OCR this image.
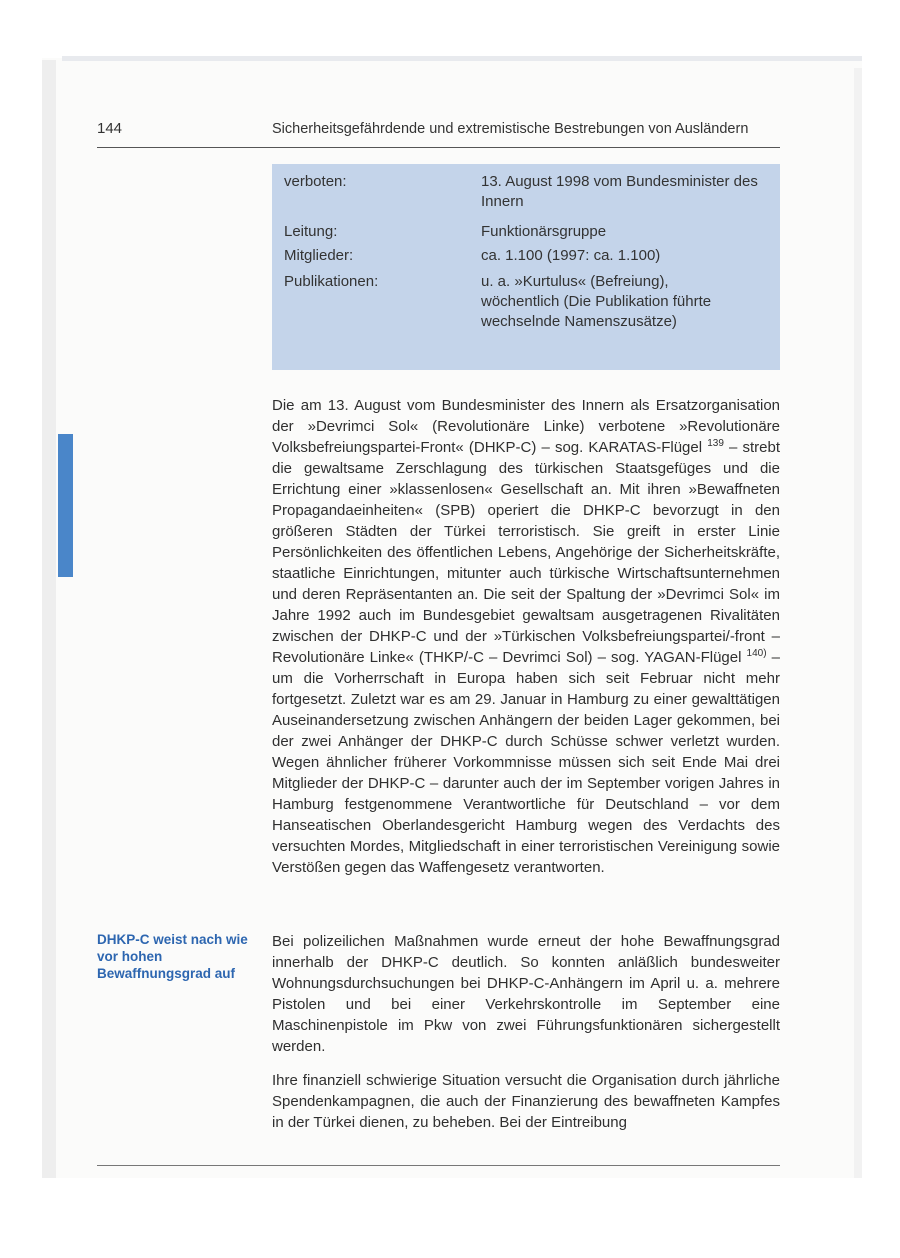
144	Sicherheitsgefährdende und extremistische Bestrebungen von Ausländern
verboten:	13. August 1998 vom Bundesminister des Innern
Leitung:	Funktionärsgruppe
Mitglieder:	ca. 1.100 (1997: ca. 1.100)
Publikationen:	u. a. »Kurtulus« (Befreiung), wöchentlich (Die Publikation führte wechselnde Namenszusätze)

Die am 13. August vom Bundesminister des Innern als Ersatzorganisation der »Devrimci Sol« (Revolutionäre Linke) verbotene »Revolutionäre Volksbefreiungspartei-Front« (DHKP-C) – sog. KARATAS-Flügel $^{139}$ – strebt die gewaltsame Zerschlagung des türkischen Staatsgefüges und die Errichtung einer »klassenlosen« Gesellschaft an. Mit ihren »Bewaffneten Propagandaeinheiten« (SPB) operiert die DHKP-C bevorzugt in den größeren Städten der Türkei terroristisch. Sie greift in erster Linie Persönlichkeiten des öffentlichen Lebens, Angehörige der Sicherheitskräfte, staatliche Einrichtungen, mitunter auch türkische Wirtschaftsunternehmen und deren Repräsentanten an. Die seit der Spaltung der »Devrimci Sol« im Jahre 1992 auch im Bundesgebiet gewaltsam ausgetragenen Rivalitäten zwischen der DHKP-C und der »Türkischen Volksbefreiungspartei/-front – Revolutionäre Linke« (THKP/-C – Devrimci Sol) – sog. YAGAN-Flügel $^{140)}$ – um die Vorherrschaft in Europa haben sich seit Februar nicht mehr fortgesetzt. Zuletzt war es am 29. Januar in Hamburg zu einer gewalttätigen Auseinandersetzung zwischen Anhängern der beiden Lager gekommen, bei der zwei Anhänger der DHKP-C durch Schüsse schwer verletzt wurden. Wegen ähnlicher früherer Vorkommnisse müssen sich seit Ende Mai drei Mitglieder der DHKP-C – darunter auch der im September vorigen Jahres in Hamburg festgenommene Verantwortliche für Deutschland – vor dem Hanseatischen Oberlandesgericht Hamburg wegen des Verdachts des versuchten Mordes, Mitgliedschaft in einer terroristischen Vereinigung sowie Verstößen gegen das Waffengesetz verantworten.

DHKP-C weist nach wie vor hohen Bewaffnungsgrad auf

Bei polizeilichen Maßnahmen wurde erneut der hohe Bewaffnungsgrad innerhalb der DHKP-C deutlich. So konnten anläßlich bundesweiter Wohnungsdurchsuchungen bei DHKP-C-Anhängern im April u. a. mehrere Pistolen und bei einer Verkehrskontrolle im September eine Maschinenpistole im Pkw von zwei Führungsfunktionären sichergestellt werden.

Ihre finanziell schwierige Situation versucht die Organisation durch jährliche Spendenkampagnen, die auch der Finanzierung des bewaffneten Kampfes in der Türkei dienen, zu beheben. Bei der Eintreibung
